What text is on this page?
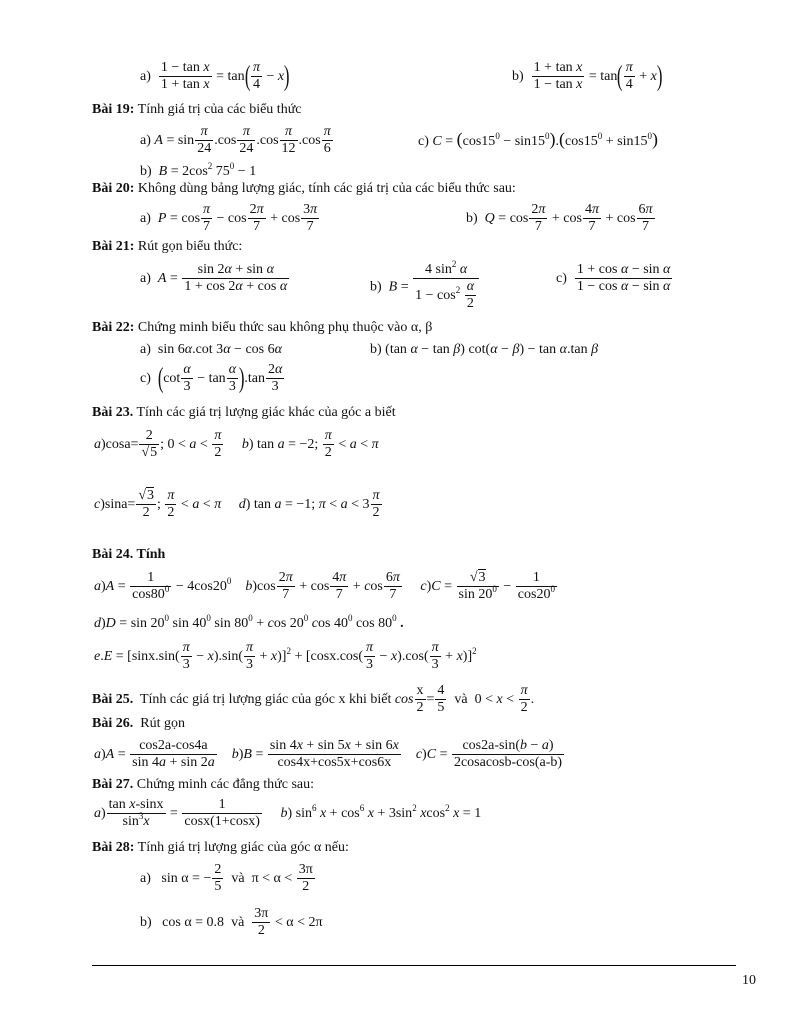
$a) \frac{\text{1 − tan x}}{\text{1 + tan x}} = \tan( \frac{\pi}{4} - x)$	$b) \frac{\text{1 + tan x}}{\text{1 − tan x}} = \tan( \frac{\pi}{4} + x)$
Bài 19: Tính giá trị của các biểu thức
a) $A = \sin \frac{\pi}{24} .\cos \frac{\pi}{24} .\cos \frac{\pi}{12} .\cos \frac{\pi}{6}$	c) $C = (\cos 15^0 - \sin 15^0).(\cos 15^0 + \sin 15^0)$
b)  $B = 2\cos^2$ $75^0 - 1$
Bài 20: Không dùng bảng lượng giác, tính các giá trị của các biểu thức sau:
a)  $P = \cos \frac{\pi}{7} - \cos \frac{2\pi}{7} + \cos \frac{3\pi}{7}$	b)  $Q = \cos \frac{2\pi}{7} + \cos \frac{4\pi}{7} + \cos \frac{6\pi}{7}$
Bài 21: Rút gọn biểu thức:
a)  $A = \frac{\text{sin 2α + sin α}}{\text{1 + cos 2α + cos α}}$	b)  $B = \frac{4 \sin^2 \alpha}{1 - \cos^2 \frac{\alpha}{2}}$	$c) \frac{\text{1 + cos α − sin α}}{\text{1 − cos α − sin α}}$
Bài 22: Chứng minh biểu thức sau không phụ thuộc vào α, β
a)  sin 6α.cot 3α − cos 6α	b) (tan α − tan β) cot(α − β) − tan α.tan β
c)  $(\cot \frac{\alpha}{3} - \tan \frac{\alpha}{3} ).\tan \frac{2\alpha}{3}$
Bài 23. Tính các giá trị lượng giác khác của góc a biết
$a)\cos a= \frac{2}{√5}$ ; $0 < a < \frac{\pi}{2} b$) tan a = −2; $\frac{\pi}{2} < a < \pi$
$c)\sin a= \frac{√3}{2}$ ; $\frac{\pi}{2} < a < \pi$ d) tan a = −1; $\pi < a < 3 \frac{\pi}{2}$
Bài 24. Tính
$a)A = \frac{1}{\cos 80^0} - 4\cos 20^0$ $b)\cos \frac{2\pi}{7} + \cos \frac{4\pi}{7} + \cos \frac{6\pi}{7} c)C = \frac{√3}{\sin 20^0} - \frac{1}{\cos 20^0}$
$d)D = \sin 20^0$ $\sin 40^0$ $\sin 80^0 + \cos 20^0$ $\cos 40^0$ $\cos 80^0$ .
$e.E = [\sin x.\sin( \frac{\pi}{3} - x).\sin( \frac{\pi}{3} + x)]^2 + [\cos x.\cos( \frac{\pi}{3} - x).\cos( \frac{\pi}{3} + x)]^2$
Bài 25. Tính các giá trị lượng giác của góc x khi biết $\cos \frac{x}{2} = \frac{4}{5}$ và  $0 < x < \frac{\pi}{2}$ .
Bài 26. Rút gọn
$a)A = \frac{\cos 2a-\cos 4a}{\sin 4a + \sin 2a} b)B = \frac{\sin 4x + \sin 5x + \sin 6x}{\cos 4x+\cos 5x+\cos 6x} c)C = \frac{\cos 2a-\sin(b - a)}{\text{2cosacosb-cos(a-b)}}$
Bài 27. Chứng minh các đẳng thức sau:
$a) \frac{\text{tan x-sinx}}{\sin^3x} = \frac{1}{\cos x(1+\cos x)} b$) $\sin^6 x + \cos^6 x + 3\sin^2$ xcos$^2$ x = 1
Bài 28: Tính giá trị lượng giác của góc α nếu:
a)   sin α = − $\frac{2}{5}$ và  $\pi < \alpha < \frac{3\pi}{2}$
b)   cos α = 0.8  và $\frac{3\pi}{2} < \alpha < 2\pi$
10
